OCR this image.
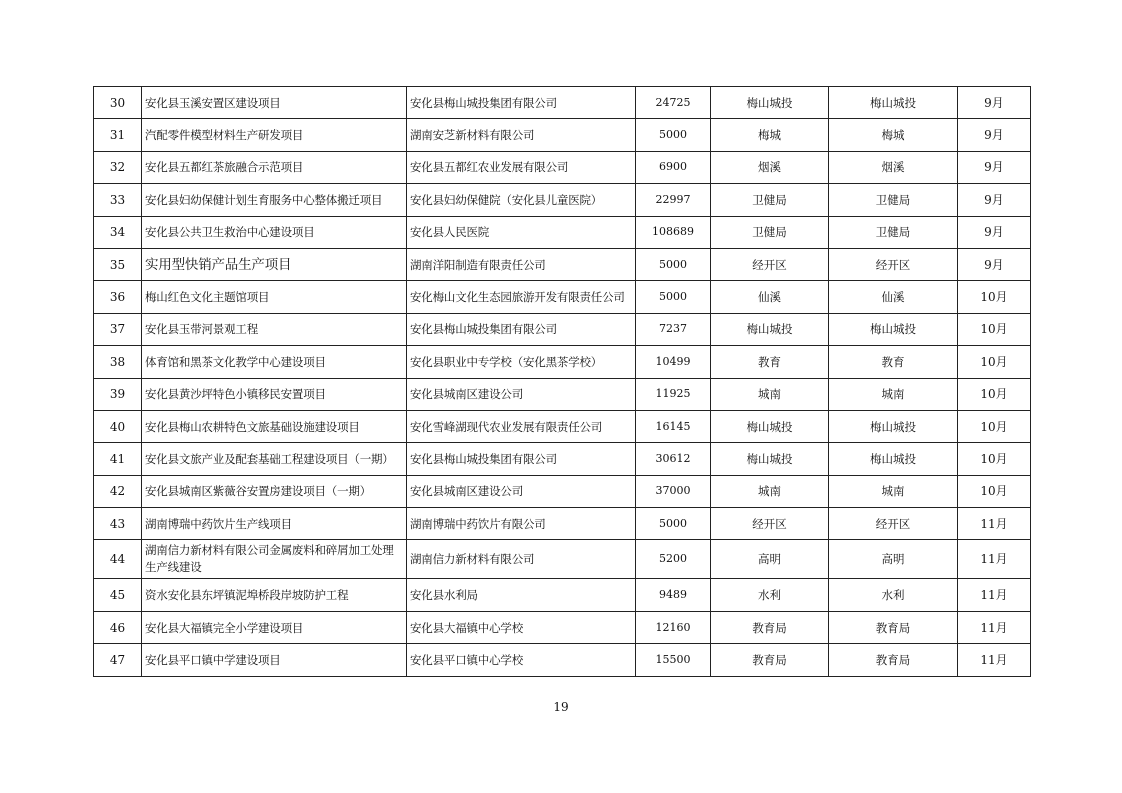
30	安化县玉溪安置区建设项目	安化县梅山城投集团有限公司	24725	梅山城投	梅山城投	9月
31	汽配零件模型材料生产研发项目	湖南安芝新材料有限公司	5000	梅城	梅城	9月
32	安化县五都红茶旅融合示范项目	安化县五都红农业发展有限公司	6900	烟溪	烟溪	9月
33	安化县妇幼保健计划生育服务中心整体搬迁项目	安化县妇幼保健院（安化县儿童医院）	22997	卫健局	卫健局	9月
34	安化县公共卫生救治中心建设项目	安化县人民医院	108689	卫健局	卫健局	9月
35	实用型快销产品生产项目	湖南洋阳制造有限责任公司	5000	经开区	经开区	9月
36	梅山红色文化主题馆项目	安化梅山文化生态园旅游开发有限责任公司	5000	仙溪	仙溪	10月
37	安化县玉带河景观工程	安化县梅山城投集团有限公司	7237	梅山城投	梅山城投	10月
38	体育馆和黑茶文化教学中心建设项目	安化县职业中专学校（安化黑茶学校）	10499	教育	教育	10月
39	安化县黄沙坪特色小镇移民安置项目	安化县城南区建设公司	11925	城南	城南	10月
40	安化县梅山农耕特色文旅基础设施建设项目	安化雪峰湖现代农业发展有限责任公司	16145	梅山城投	梅山城投	10月
41	安化县文旅产业及配套基础工程建设项目（一期）	安化县梅山城投集团有限公司	30612	梅山城投	梅山城投	10月
42	安化县城南区紫薇谷安置房建设项目（一期）	安化县城南区建设公司	37000	城南	城南	10月
43	湖南博瑞中药饮片生产线项目	湖南博瑞中药饮片有限公司	5000	经开区	经开区	11月
44	湖南信力新材料有限公司金属废料和碎屑加工处理生产线建设	湖南信力新材料有限公司	5200	高明	高明	11月
45	资水安化县东坪镇泥埠桥段岸坡防护工程	安化县水利局	9489	水利	水利	11月
46	安化县大福镇完全小学建设项目	安化县大福镇中心学校	12160	教育局	教育局	11月
47	安化县平口镇中学建设项目	安化县平口镇中心学校	15500	教育局	教育局	11月
19
